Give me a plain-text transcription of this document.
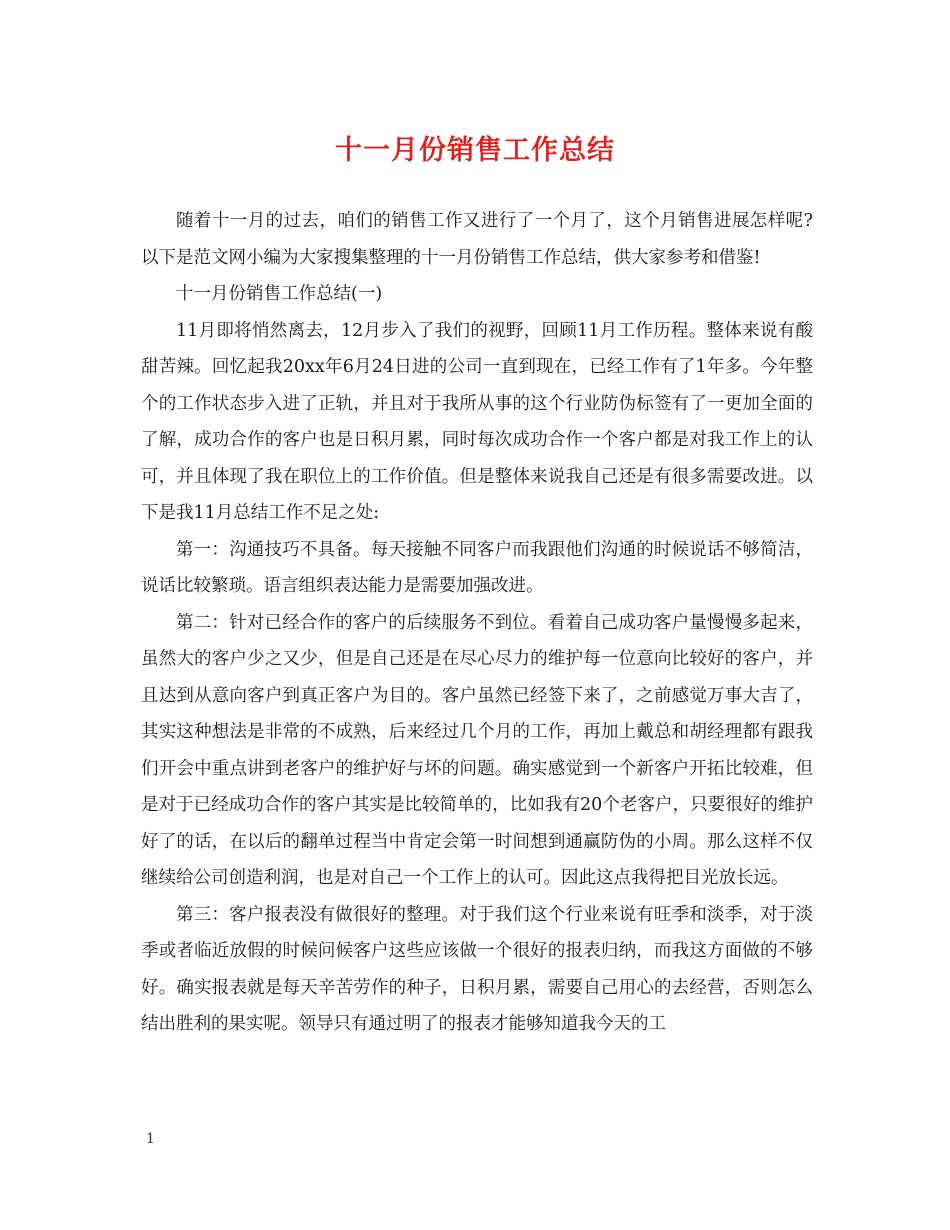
十一月份销售工作总结

随着十一月的过去，咱们的销售工作又进行了一个月了，这个月销售进展怎样呢?以下是范文网小编为大家搜集整理的十一月份销售工作总结，供大家参考和借鉴!

十一月份销售工作总结(一)

11月即将悄然离去，12月步入了我们的视野，回顾11月工作历程。整体来说有酸甜苦辣。回忆起我20xx年6月24日进的公司一直到现在，已经工作有了1年多。今年整个的工作状态步入进了正轨，并且对于我所从事的这个行业防伪标签有了一更加全面的了解，成功合作的客户也是日积月累，同时每次成功合作一个客户都是对我工作上的认可，并且体现了我在职位上的工作价值。但是整体来说我自己还是有很多需要改进。以下是我11月总结工作不足之处:

第一：沟通技巧不具备。每天接触不同客户而我跟他们沟通的时候说话不够简洁，说话比较繁琐。语言组织表达能力是需要加强改进。

第二：针对已经合作的客户的后续服务不到位。看着自己成功客户量慢慢多起来，虽然大的客户少之又少，但是自己还是在尽心尽力的维护每一位意向比较好的客户，并且达到从意向客户到真正客户为目的。客户虽然已经签下来了，之前感觉万事大吉了，其实这种想法是非常的不成熟，后来经过几个月的工作，再加上戴总和胡经理都有跟我们开会中重点讲到老客户的维护好与坏的问题。确实感觉到一个新客户开拓比较难，但是对于已经成功合作的客户其实是比较简单的，比如我有20个老客户，只要很好的维护好了的话，在以后的翻单过程当中肯定会第一时间想到通赢防伪的小周。那么这样不仅继续给公司创造利润，也是对自己一个工作上的认可。因此这点我得把目光放长远。

第三：客户报表没有做很好的整理。对于我们这个行业来说有旺季和淡季，对于淡季或者临近放假的时候问候客户这些应该做一个很好的报表归纳，而我这方面做的不够好。确实报表就是每天辛苦劳作的种子，日积月累，需要自己用心的去经营，否则怎么结出胜利的果实呢。领导只有通过明了的报表才能够知道我今天的工

1
